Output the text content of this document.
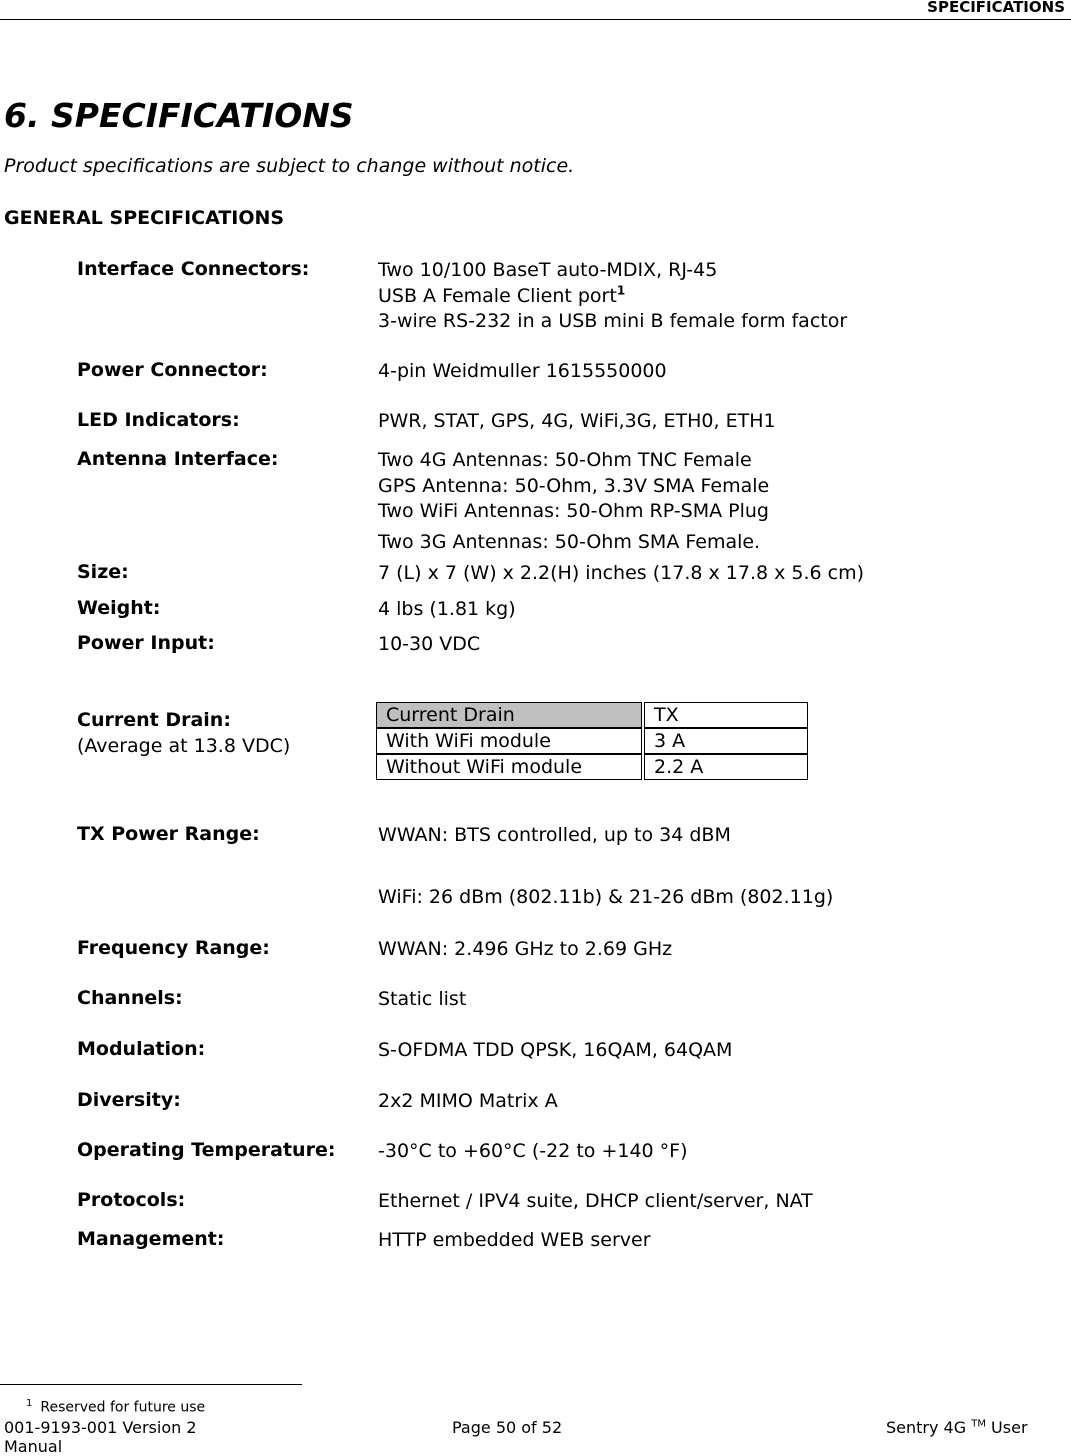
SPECIFICATIONS
6. SPECIFICATIONS
Product specifications are subject to change without notice.
GENERAL SPECIFICATIONS
Interface Connectors:	Two 10/100 BaseT auto-MDIX, RJ-45
USB A Female Client port$^1$
3-wire RS-232 in a USB mini B female form factor
Power Connector:	4-pin Weidmuller 1615550000
LED Indicators:	PWR, STAT, GPS, 4G, WiFi,3G, ETH0, ETH1
Antenna Interface:	Two 4G Antennas: 50-Ohm TNC Female
GPS Antenna: 50-Ohm, 3.3V SMA Female
Two WiFi Antennas: 50-Ohm RP-SMA Plug
Two 3G Antennas: 50-Ohm SMA Female.
Size:	7 (L) x 7 (W) x 2.2(H) inches (17.8 x 17.8 x 5.6 cm)
Weight:	4 lbs (1.81 kg)
Power Input:	10-30 VDC
Current Drain:
(Average at 13.8 VDC)
Current Drain	TX
With WiFi module	3 A
Without WiFi module	2.2 A
TX Power Range:	WWAN: BTS controlled, up to 34 dBM
WiFi: 26 dBm (802.11b) & 21-26 dBm (802.11g)
Frequency Range:	WWAN: 2.496 GHz to 2.69 GHz
Channels:	Static list
Modulation:	S-OFDMA TDD QPSK, 16QAM, 64QAM
Diversity:	2x2 MIMO Matrix A
Operating Temperature: -30°C to +60°C (-22 to +140 °F)
Protocols:	Ethernet / IPV4 suite, DHCP client/server, NAT
Management:	HTTP embedded WEB server
$^1$ Reserved for future use
001-9193-001 Version 2
Manual
Page 50 of 52	Sentry 4G ™ User
